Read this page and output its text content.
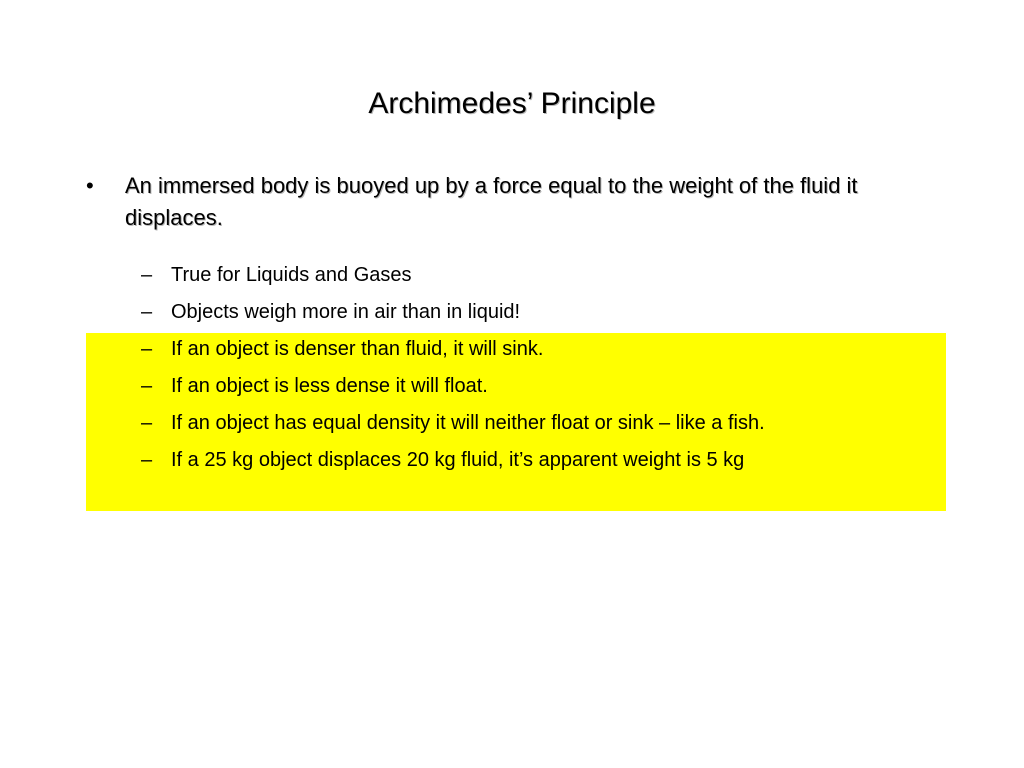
Archimedes’ Principle
• An immersed body is buoyed up by a force equal to the weight of the fluid it displaces.
– True for Liquids and Gases
– Objects weigh more in air than in liquid!
– If an object is denser than fluid, it will sink.
– If an object is less dense it will float.
– If an object has equal density it will neither float or sink – like a fish.
– If a 25 kg object displaces 20 kg fluid, it’s apparent weight is 5 kg
